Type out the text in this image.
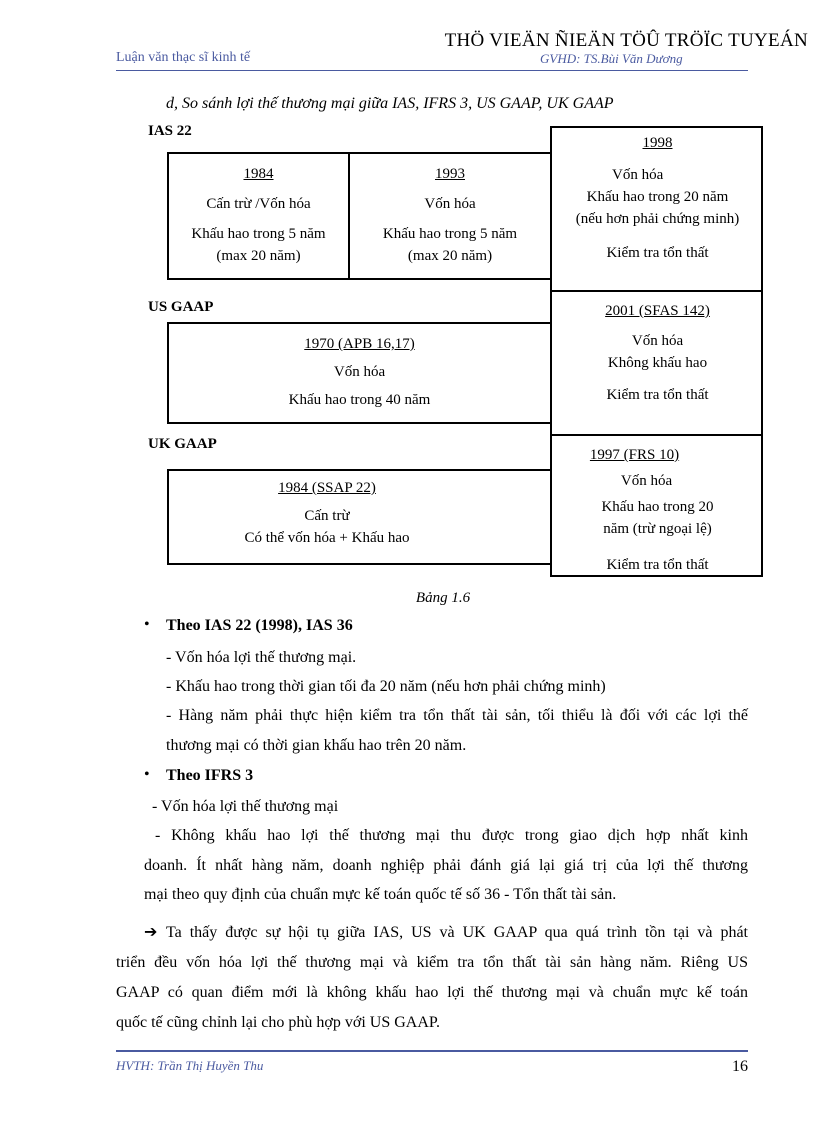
THÖ VIEÄN ÑIEÄN TÖÛ TRÖÏC TUYEÁN
Luận văn thạc sĩ kinh tế	GVHD: TS.Bùi Văn Dương
d, So sánh lợi thế thương mại giữa IAS, IFRS 3, US GAAP, UK GAAP
IAS 22
1984
Cấn trừ /Vốn hóa
Khấu hao trong 5 năm
(max 20 năm)
1993
Vốn hóa
Khấu hao trong 5 năm
(max 20 năm)
1998
Vốn hóa
Khấu hao trong 20 năm
(nếu hơn phải chứng minh)
Kiểm tra tổn thất
US GAAP
1970 (APB 16,17)
Vốn hóa
Khấu hao trong 40 năm
2001 (SFAS 142)
Vốn hóa
Không khấu hao
Kiểm tra tổn thất
UK GAAP
1984 (SSAP 22)
Cấn trừ
Có thể vốn hóa + Khấu hao
1997 (FRS 10)
Vốn hóa
Khấu hao trong 20
năm (trừ ngoại lệ)
Kiểm tra tổn thất
Bảng 1.6
• Theo IAS 22 (1998), IAS 36
- Vốn hóa lợi thế thương mại.
- Khấu hao trong thời gian tối đa 20 năm (nếu hơn phải chứng minh)
- Hàng năm phải thực hiện kiểm tra tổn thất tài sản, tối thiểu là đối với các lợi thế
thương mại có thời gian khấu hao trên 20 năm.
• Theo IFRS 3
- Vốn hóa lợi thế thương mại
- Không khấu hao lợi thế thương mại thu được trong giao dịch hợp nhất kinh
doanh. Ít nhất hàng năm, doanh nghiệp phải đánh giá lại giá trị của lợi thế thương
mại theo quy định của chuẩn mực kế toán quốc tế số 36 - Tổn thất tài sản.
➔ Ta thấy được sự hội tụ giữa IAS, US và UK GAAP qua quá trình tồn tại và phát
triển đều vốn hóa lợi thế thương mại và kiểm tra tổn thất tài sản hàng năm. Riêng US
GAAP có quan điểm mới là không khấu hao lợi thế thương mại và chuẩn mực kế toán
quốc tế cũng chỉnh lại cho phù hợp với US GAAP.
HVTH: Trần Thị Huyền Thu	16
